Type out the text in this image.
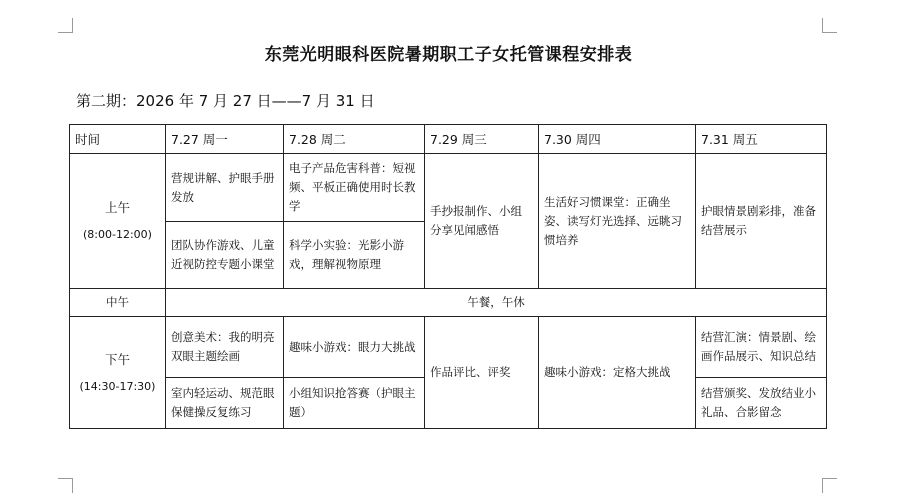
东莞光明眼科医院暑期职工子女托管课程安排表
第二期：2026 年 7 月 27 日——7 月 31 日
时间	7.27 周一	7.28 周二	7.29 周三	7.30 周四	7.31 周五

上午
(8:00-12:00)	营规讲解、护眼手册发放	电子产品危害科普：短视频、平板正确使用时长教学	手抄报制作、小组分享见闻感悟	生活好习惯课堂：正确坐姿、读写灯光选择、远眺习惯培养	护眼情景剧彩排，准备结营展示
	团队协作游戏、儿童近视防控专题小课堂	科学小实验：光影小游戏，理解视物原理			
中午	午餐，午休				

下午
(14:30-17:30)	创意美术：我的明亮双眼主题绘画	趣味小游戏：眼力大挑战	作品评比、评奖	趣味小游戏：定格大挑战	结营汇演：情景剧、绘画作品展示、知识总结
	室内轻运动、规范眼保健操反复练习	小组知识抢答赛（护眼主题）			结营颁奖、发放结业小礼品、合影留念
